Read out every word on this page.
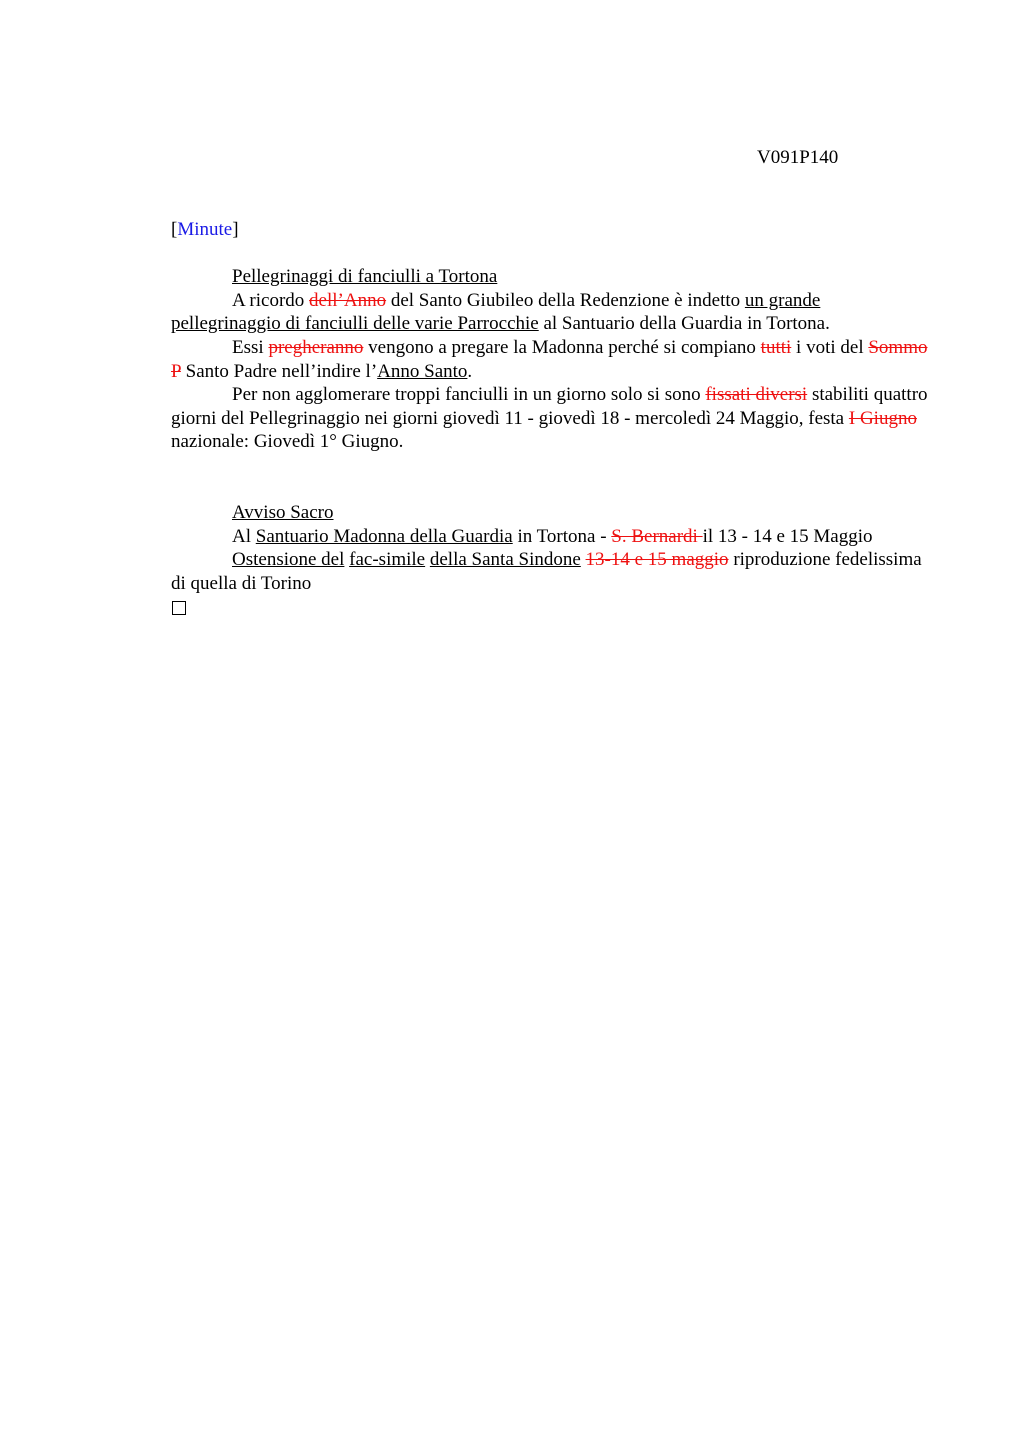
V091P140

[Minute]

Pellegrinaggi di fanciulli a Tortona

A ricordo dell’Anno del Santo Giubileo della Redenzione è indetto un grande pellegrinaggio di fanciulli delle varie Parrocchie al Santuario della Guardia in Tortona.

Essi pregheranno vengono a pregare la Madonna perché si compiano tutti i voti del Sommo P Santo Padre nell’indire l’Anno Santo.

Per non agglomerare troppi fanciulli in un giorno solo si sono fissati diversi stabiliti quattro giorni del Pellegrinaggio nei giorni giovedì 11 - giovedì 18 - mercoledì 24 Maggio, festa I Giugno nazionale: Giovedì 1° Giugno.

Avviso Sacro

Al Santuario Madonna della Guardia in Tortona - S. Bernardi il 13 - 14 e 15 Maggio

Ostensione del fac-simile della Santa Sindone 13-14 e 15 maggio riproduzione fedelissima di quella di Torino
